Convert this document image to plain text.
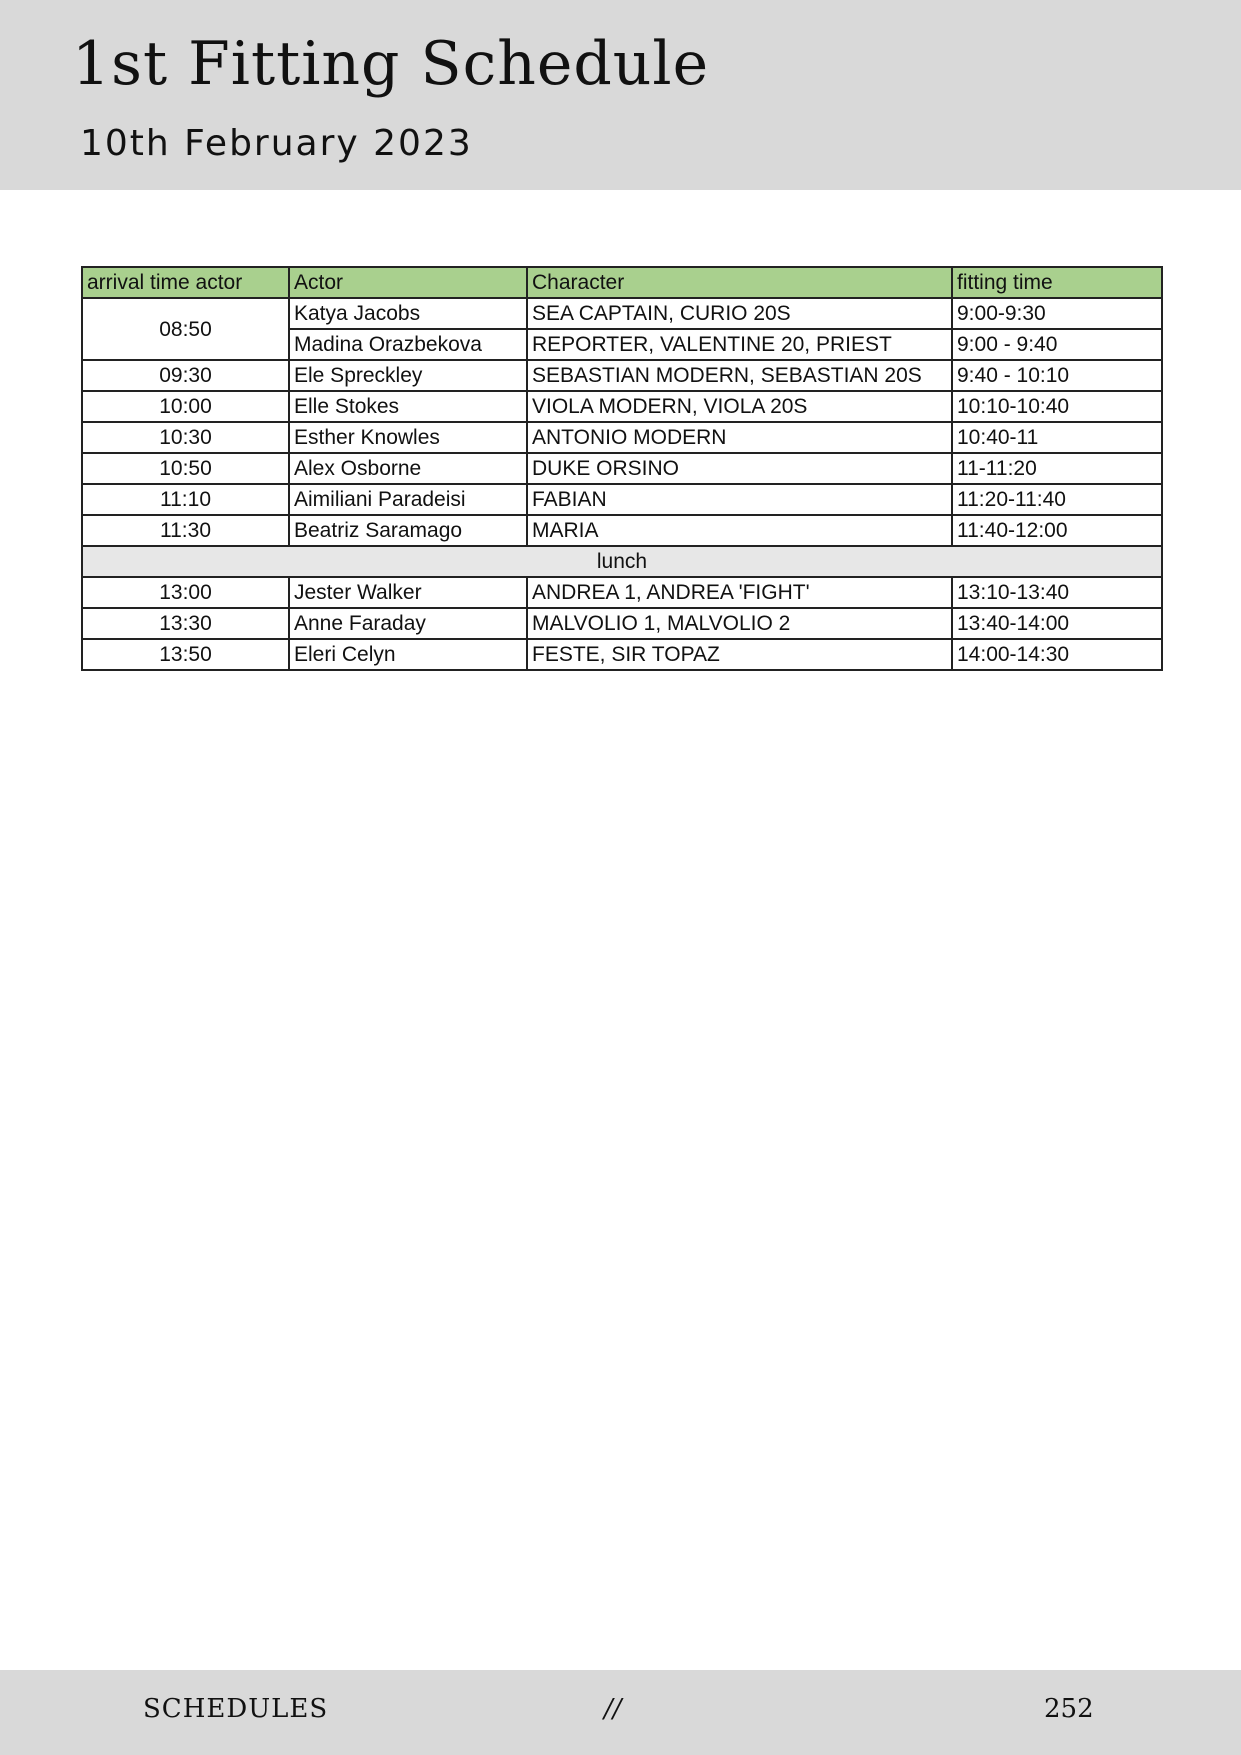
1st Fitting Schedule
10th February 2023
arrival time actor	Actor	Character	fitting time
08:50	Katya Jacobs	SEA CAPTAIN, CURIO 20S	9:00-9:30
	Madina Orazbekova	REPORTER, VALENTINE 20, PRIEST	9:00 - 9:40
09:30	Ele Spreckley	SEBASTIAN MODERN, SEBASTIAN 20S	9:40 - 10:10
10:00	Elle Stokes	VIOLA MODERN, VIOLA 20S	10:10-10:40
10:30	Esther Knowles	ANTONIO MODERN	10:40-11
10:50	Alex Osborne	DUKE ORSINO	11-11:20
11:10	Aimiliani Paradeisi	FABIAN	11:20-11:40
11:30	Beatriz Saramago	MARIA	11:40-12:00
lunch			
13:00	Jester Walker	ANDREA 1, ANDREA 'FIGHT'	13:10-13:40
13:30	Anne Faraday	MALVOLIO 1, MALVOLIO 2	13:40-14:00
13:50	Eleri Celyn	FESTE, SIR TOPAZ	14:00-14:30
SCHEDULES	//	252
